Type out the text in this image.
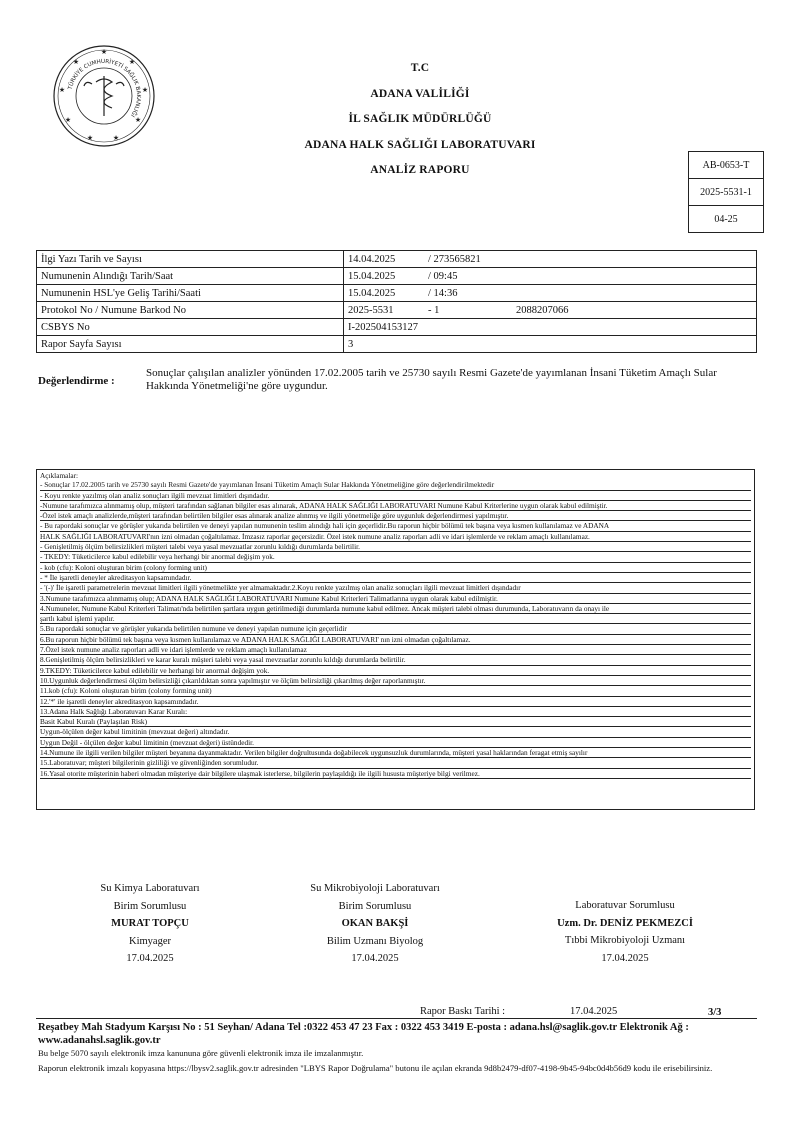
TÜRKİYE CUMHURİYETİ SAĞLIK BAKANLIĞI
★
★
★
★
★
★
★
★
★	T.C
ADANA VALİLİĞİ
İL SAĞLIK MÜDÜRLÜĞÜ
ADANA HALK SAĞLIĞI LABORATUVARI
ANALİZ RAPORU	AB-0653-T
2025-5531-1
04-25
İlgi Yazı Tarih ve Sayısı	14.04.2025 / 273565821
Numunenin Alındığı Tarih/Saat	15.04.2025 / 09:45
Numunenin HSL'ye Geliş Tarihi/Saati	15.04.2025 / 14:36
Protokol No / Numune Barkod No	2025-5531 - 1 2088207066
CSBYS No	I-202504153127
Rapor Sayfa Sayısı	3
Değerlendirme :
Sonuçlar çalışılan analizler yönünden 17.02.2005 tarih ve 25730 sayılı Resmi Gazete'de yayımlanan İnsani Tüketim Amaçlı Sular Hakkında Yönetmeliği'ne göre uygundur.
Açıklamalar:
- Sonuçlar 17.02.2005 tarih ve 25730 sayılı Resmi Gazete'de yayımlanan İnsani Tüketim Amaçlı Sular Hakkında Yönetmeliğine göre değerlendirilmektedir
- Koyu renkte yazılmış olan analiz sonuçları ilgili mevzuat limitleri dışındadır.
-Numune tarafımızca alınmamış olup, müşteri tarafından sağlanan bilgiler esas alınarak, ADANA HALK SAĞLIĞI LABORATUVARI Numune Kabul Kriterlerine uygun olarak kabul edilmiştir.
-Özel istek amaçlı analizlerde,müşteri tarafından belirtilen bilgiler esas alınarak analize alınmış ve ilgili yönetmeliğe göre uygunluk değerlendirmesi yapılmıştır.
- Bu rapordaki sonuçlar ve görüşler yukarıda belirtilen ve deneyi yapılan numunenin teslim alındığı hali için geçerlidir.Bu raporun hiçbir bölümü tek başına veya kısmen kullanılamaz ve ADANA
HALK SAĞLIĞI LABORATUVARI'nın izni olmadan çoğaltılamaz. İmzasız raporlar geçersizdir. Özel istek numune analiz raporları adli ve idari işlemlerde ve reklam amaçlı kullanılamaz.
- Genişletilmiş ölçüm belirsizlikleri müşteri talebi veya yasal mevzuatlar zorunlu kıldığı durumlarda belirtilir.
- TKEDY: Tüketicilerce kabul edilebilir veya herhangi bir anormal değişim yok.
- kob (cfu): Koloni oluşturan birim (colony forming unit)
- * İle işaretli deneyler akreditasyon kapsamındadır.
- '(-)' İle işaretli parametrelerin mevzuat limitleri ilgili yönetmelikte yer almamaktadır.2.Koyu renkte yazılmış olan analiz sonuçları ilgili mevzuat limitleri dışındadır
3.Numune tarafımızca alınmamış olup; ADANA HALK SAĞLIĞI LABORATUVARI Numune Kabul Kriterleri Talimatlarına uygun olarak kabul edilmiştir.
4.Numuneler, Numune Kabul Kriterleri Talimatı'nda belirtilen şartlara uygun getirilmediği durumlarda numune kabul edilmez. Ancak müşteri talebi olması durumunda, Laboratuvarın da onayı ile
şartlı kabul işlemi yapılır.
5.Bu rapordaki sonuçlar ve görüşler yukarıda belirtilen numune ve deneyi yapılan numune için geçerlidir
6.Bu raporun hiçbir bölümü tek başına veya kısmen kullanılamaz ve ADANA HALK SAĞLIĞI LABORATUVARI' nın izni olmadan çoğaltılamaz.
7.Özel istek numune analiz raporları adli ve idari işlemlerde ve reklam amaçlı kullanılamaz
8.Genişletilmiş ölçüm belirsizlikleri ve karar kuralı müşteri talebi veya yasal mevzuatlar zorunlu kıldığı durumlarda belirtilir.
9.TKEDY: Tüketicilerce kabul edilebilir ve herhangi bir anormal değişim yok.
10.Uygunluk değerlendirmesi ölçüm belirsizliği çıkarıldıktan sonra yapılmıştır ve ölçüm belirsizliği çıkarılmış değer raporlanmıştır.
11.kob (cfu): Koloni oluşturan birim (colony forming unit)
12.'*' ile işaretli deneyler akreditasyon kapsamındadır.
13.Adana Halk Sağlığı Laboratuvarı Karar Kuralı:
Basit Kabul Kuralı (Paylaşılan Risk)
Uygun-ölçülen değer kabul limitinin (mevzuat değeri) altındadır.
Uygun Değil - ölçülen değer kabul limitinin (mevzuat değeri) üstündedir.
14.Numune ile ilgili verilen bilgiler müşteri beyanına dayanmaktadır. Verilen bilgiler doğrultusunda doğabilecek uygunsuzluk durumlarında, müşteri yasal haklarından feragat etmiş sayılır
15.Laboratuvar; müşteri bilgilerinin gizliliği ve güvenliğinden sorumludur.
16.Yasal otorite müşterinin haberi olmadan müşteriye dair bilgilere ulaşmak isterlerse, bilgilerin paylaşıldığı ile ilgili hususta müşteriye bilgi verilmez.
Su Kimya Laboratuvarı
Birim Sorumlusu
MURAT TOPÇU
Kimyager
17.04.2025
Su Mikrobiyoloji Laboratuvarı
Birim Sorumlusu
OKAN BAKŞİ
Bilim Uzmanı Biyolog
17.04.2025
Laboratuvar Sorumlusu
Uzm. Dr. DENİZ PEKMEZCİ
Tıbbi Mikrobiyoloji Uzmanı
17.04.2025
Rapor Baskı Tarihi :	17.04.2025	3/3
Reşatbey Mah Stadyum Karşısı No : 51 Seyhan/ Adana Tel :0322 453 47 23 Fax : 0322 453 3419 E-posta : adana.hsl@saglik.gov.tr Elektronik Ağ : www.adanahsl.saglik.gov.tr
Bu belge 5070 sayılı elektronik imza kanununa göre güvenli elektronik imza ile imzalanmıştır.
Raporun elektronik imzalı kopyasına https://lbysv2.saglik.gov.tr adresinden "LBYS Rapor Doğrulama" butonu ile açılan ekranda 9d8b2479-df07-4198-9b45-94bc0d4b56d9 kodu ile erisebilirsiniz.
